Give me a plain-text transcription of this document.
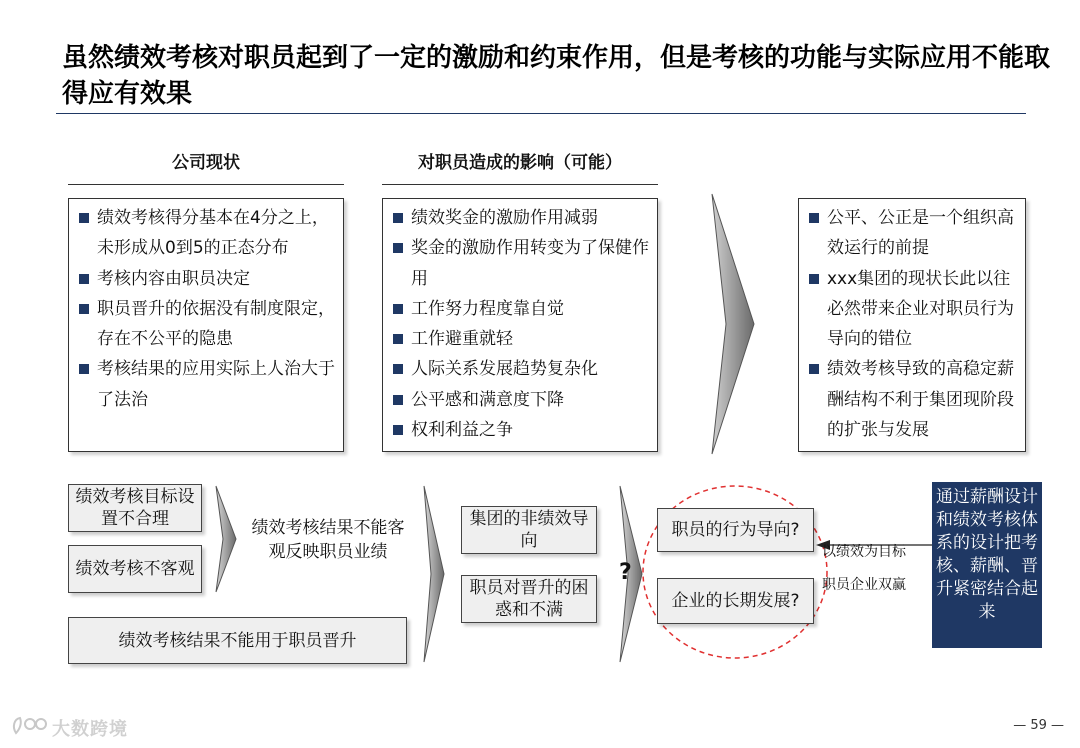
虽然绩效考核对职员起到了一定的激励和约束作用，但是考核的功能与实际应用不能取得应有效果
公司现状	对职员造成的影响（可能）
绩效考核得分基本在4分之上，未形成从0到5的正态分布
考核内容由职员决定
职员晋升的依据没有制度限定，存在不公平的隐患
考核结果的应用实际上人治大于了法治
绩效奖金的激励作用减弱
奖金的激励作用转变为了保健作用
工作努力程度靠自觉
工作避重就轻
人际关系发展趋势复杂化
公平感和满意度下降
权利利益之争
公平、公正是一个组织高效运行的前提
xxx集团的现状长此以往必然带来企业对职员行为导向的错位
绩效考核导致的高稳定薪酬结构不利于集团现阶段的扩张与发展
绩效考核目标设置不合理
绩效考核不客观
绩效考核结果不能用于职员晋升
绩效考核结果不能客观反映职员业绩
集团的非绩效导向
职员对晋升的困惑和不满
?
职员的行为导向?
企业的长期发展?
以绩效为目标
职员企业双赢
通过薪酬设计和绩效考核体系的设计把考核、薪酬、晋升紧密结合起来
大数跨境	— 59 —
